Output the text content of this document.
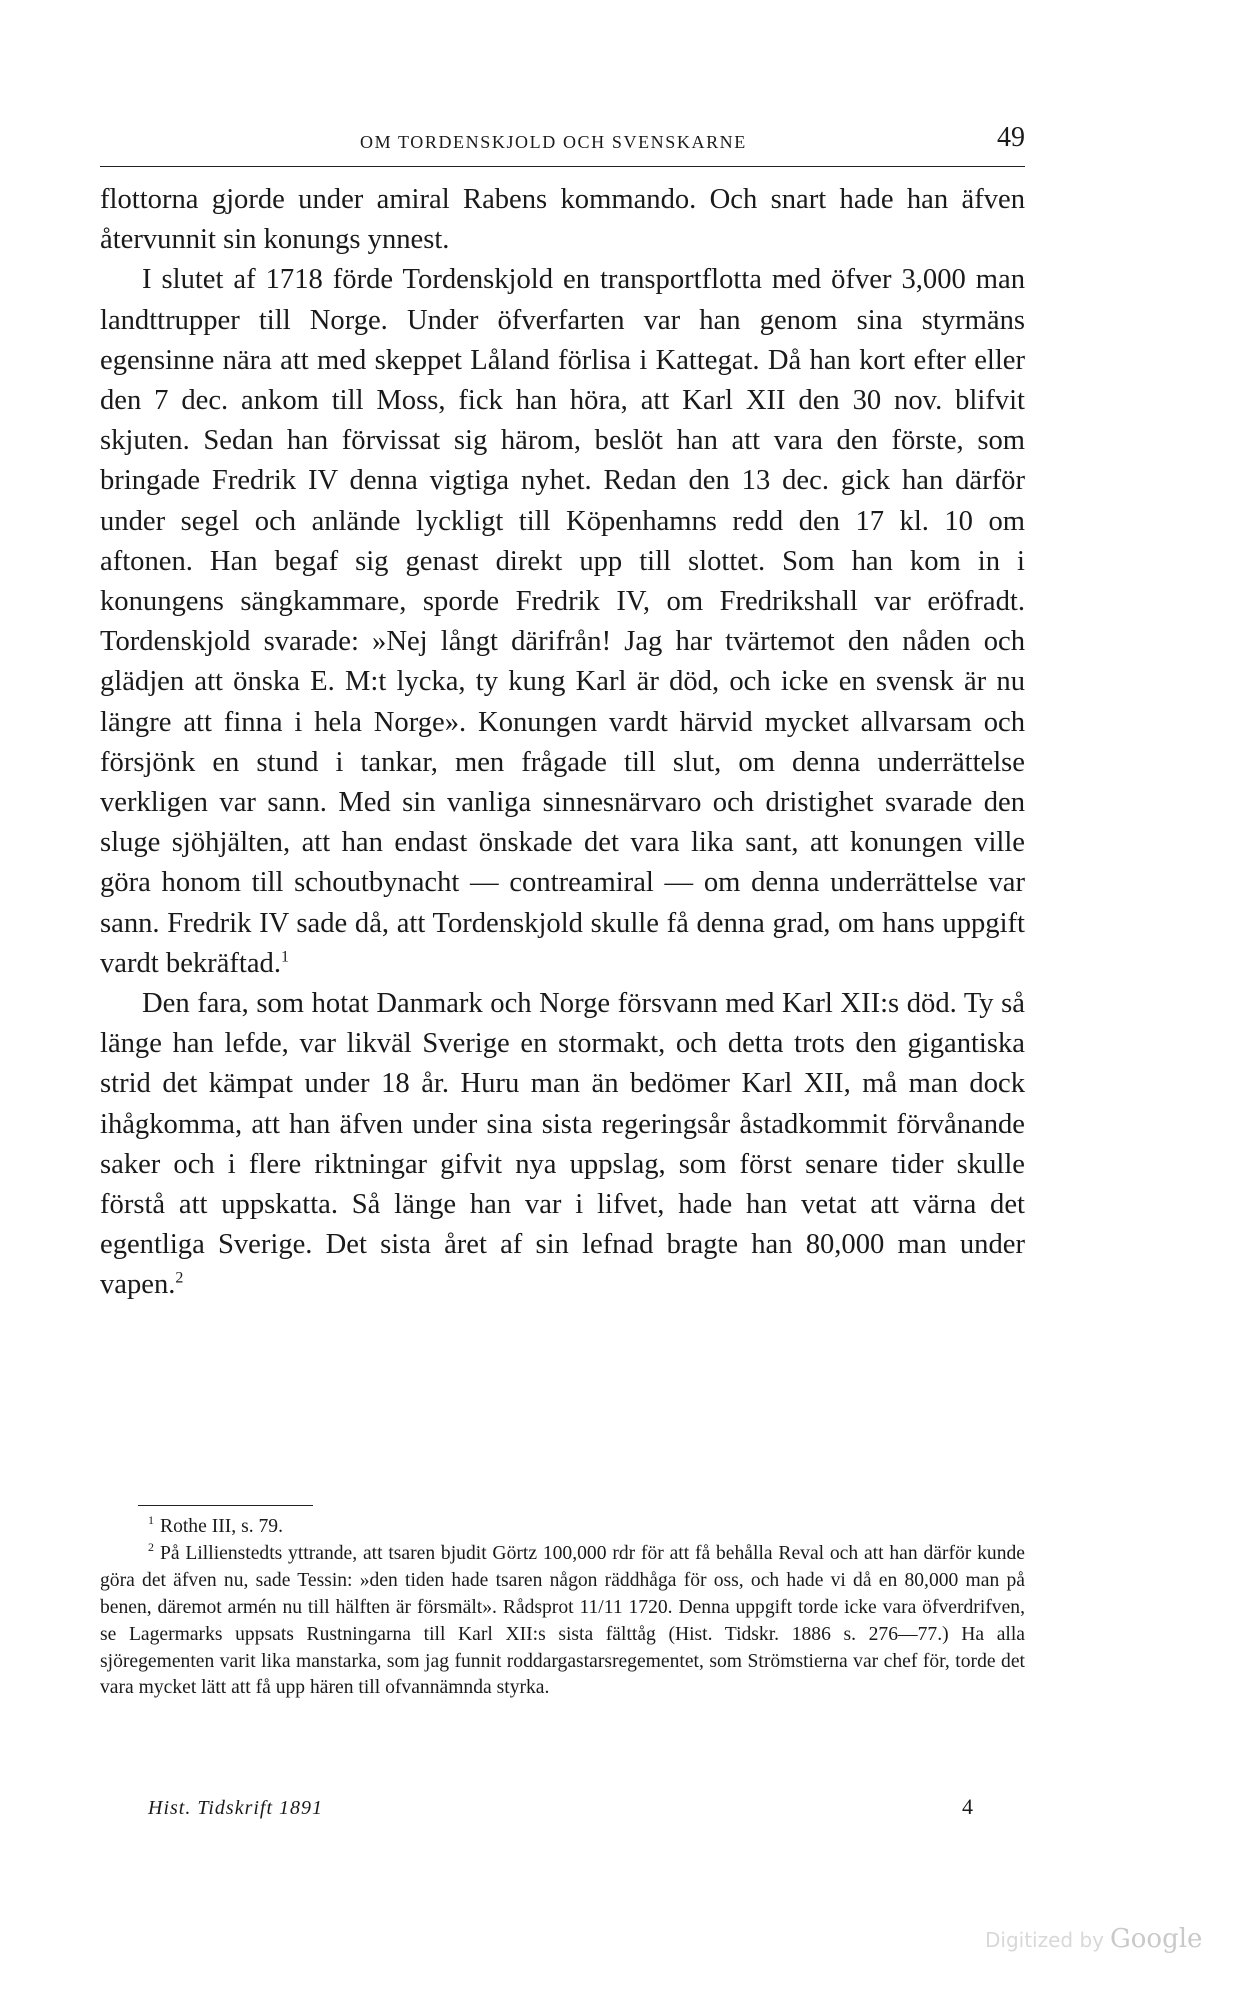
OM TORDENSKJOLD OCH SVENSKARNE	49

flottorna gjorde under amiral Rabens kommando. Och snart hade han äfven återvunnit sin konungs ynnest.

I slutet af 1718 förde Tordenskjold en transportflotta med öfver 3,000 man landttrupper till Norge. Under öfverfarten var han genom sina styrmäns egensinne nära att med skeppet Låland förlisa i Kattegat. Då han kort efter eller den 7 dec. ankom till Moss, fick han höra, att Karl XII den 30 nov. blifvit skjuten. Sedan han förvissat sig härom, beslöt han att vara den förste, som bringade Fredrik IV denna vigtiga nyhet. Redan den 13 dec. gick han därför under segel och anlände lyckligt till Köpenhamns redd den 17 kl. 10 om aftonen. Han begaf sig genast direkt upp till slottet. Som han kom in i konungens sängkammare, sporde Fredrik IV, om Fredrikshall var eröfradt. Tordenskjold svarade: »Nej långt därifrån! Jag har tvärtemot den nåden och glädjen att önska E. M:t lycka, ty kung Karl är död, och icke en svensk är nu längre att finna i hela Norge». Konungen vardt härvid mycket allvarsam och försjönk en stund i tankar, men frågade till slut, om denna underrättelse verkligen var sann. Med sin vanliga sinnesnärvaro och dristighet svarade den sluge sjöhjälten, att han endast önskade det vara lika sant, att konungen ville göra honom till schoutbynacht — contreamiral — om denna underrättelse var sann. Fredrik IV sade då, att Tordenskjold skulle få denna grad, om hans uppgift vardt bekräftad.$^1$

Den fara, som hotat Danmark och Norge försvann med Karl XII:s död. Ty så länge han lefde, var likväl Sverige en stormakt, och detta trots den gigantiska strid det kämpat under 18 år. Huru man än bedömer Karl XII, må man dock ihågkomma, att han äfven under sina sista regeringsår åstadkommit förvånande saker och i flere riktningar gifvit nya uppslag, som först senare tider skulle förstå att uppskatta. Så länge han var i lifvet, hade han vetat att värna det egentliga Sverige. Det sista året af sin lefnad bragte han 80,000 man under vapen.$^2$

$^1$ Rothe III, s. 79.

$^2$ På Lillienstedts yttrande, att tsaren bjudit Görtz 100,000 rdr för att få behålla Reval och att han därför kunde göra det äfven nu, sade Tessin: »den tiden hade tsaren någon räddhåga för oss, och hade vi då en 80,000 man på benen, däremot armén nu till hälften är försmält». Rådsprot 11/11 1720. Denna uppgift torde icke vara öfverdrifven, se Lagermarks uppsats Rustningarna till Karl XII:s sista fälttåg (Hist. Tidskr. 1886 s. 276—77.) Ha alla sjöregementen varit lika manstarka, som jag funnit roddargastarsregementet, som Strömstierna var chef för, torde det vara mycket lätt att få upp hären till ofvannämnda styrka.

Hist. Tidskrift 1891	4
Digitized by Google
